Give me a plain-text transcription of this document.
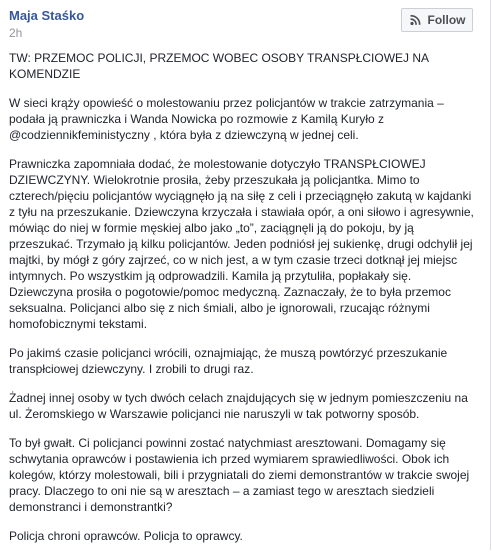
Maja Staśko
2h
Follow

TW: PRZEMOC POLICJI, PRZEMOC WOBEC OSOBY TRANSPŁCIOWEJ NA KOMENDZIE

W sieci krąży opowieść o molestowaniu przez policjantów w trakcie zatrzymania – podała ją prawniczka i Wanda Nowicka po rozmowie z Kamilą Kuryło z @codziennikfeministyczny , która była z dziewczyną w jednej celi.

Prawniczka zapomniała dodać, że molestowanie dotyczyło TRANSPŁCIOWEJ DZIEWCZYNY. Wielokrotnie prosiła, żeby przeszukała ją policjantka. Mimo to czterech/pięciu policjantów wyciągnęło ją na siłę z celi i przeciągnęło zakutą w kajdanki z tyłu na przeszukanie. Dziewczyna krzyczała i stawiała opór, a oni siłowo i agresywnie, mówiąc do niej w formie męskiej albo jako „to”, zaciągnęli ją do pokoju, by ją przeszukać. Trzymało ją kilku policjantów. Jeden podniósł jej sukienkę, drugi odchylił jej majtki, by mógł z góry zajrzeć, co w nich jest, a w tym czasie trzeci dotknął jej miejsc intymnych. Po wszystkim ją odprowadzili. Kamila ją przytuliła, popłakały się. Dziewczyna prosiła o pogotowie/pomoc medyczną. Zaznaczały, że to była przemoc seksualna. Policjanci albo się z nich śmiali, albo je ignorowali, rzucając różnymi homofobicznymi tekstami.

Po jakimś czasie policjanci wrócili, oznajmiając, że muszą powtórzyć przeszukanie transpłciowej dziewczyny. I zrobili to drugi raz.

Żadnej innej osoby w tych dwóch celach znajdujących się w jednym pomieszczeniu na ul. Żeromskiego w Warszawie policjanci nie naruszyli w tak potworny sposób.

To był gwałt. Ci policjanci powinni zostać natychmiast aresztowani. Domagamy się schwytania oprawców i postawienia ich przed wymiarem sprawiedliwości. Obok ich kolegów, którzy molestowali, bili i przygniatali do ziemi demonstrantów w trakcie swojej pracy. Dlaczego to oni nie są w aresztach – a zamiast tego w aresztach siedzieli demonstranci i demonstrantki?

Policja chroni oprawców. Policja to oprawcy.
